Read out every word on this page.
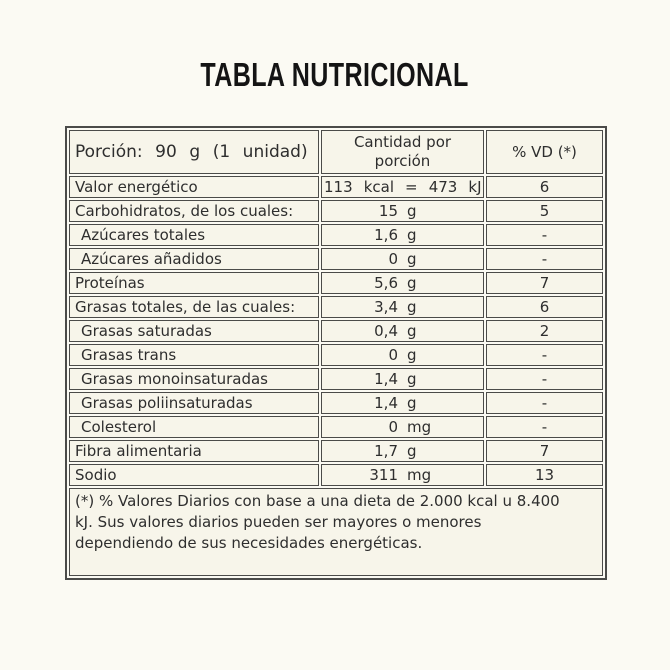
TABLA NUTRICIONAL
Porción: 90 g (1 unidad)	Cantidad por porción	% VD (*)
Valor energético	113 kcal = 473 kJ	6
Carbohidratos, de los cuales:	15 g	5
Azúcares totales	1,6 g	-
Azúcares añadidos	0 g	-
Proteínas	5,6 g	7
Grasas totales, de las cuales:	3,4 g	6
Grasas saturadas	0,4 g	2
Grasas trans	0 g	-
Grasas monoinsaturadas	1,4 g	-
Grasas poliinsaturadas	1,4 g	-
Colesterol	0 mg	-
Fibra alimentaria	1,7 g	7
Sodio	311 mg	13

(*) % Valores Diarios con base a una dieta de 2.000 kcal u 8.400
kJ. Sus valores diarios pueden ser mayores o menores
dependiendo de sus necesidades energéticas.		
